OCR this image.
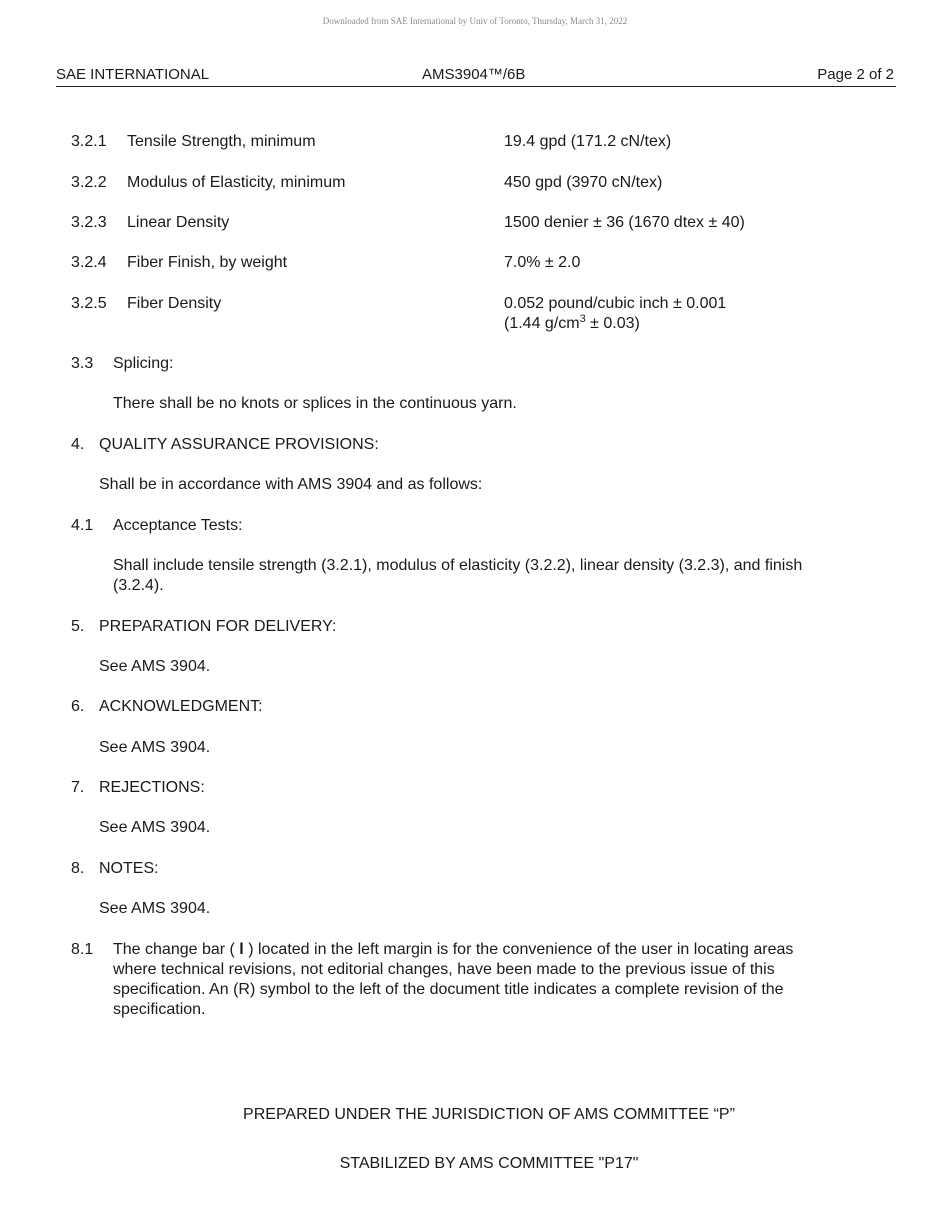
Downloaded from SAE International by Univ of Toronto, Thursday, March 31, 2022
SAE INTERNATIONAL	AMS3904™/6B	Page 2 of 2
3.2.1 Tensile Strength, minimum	19.4 gpd (171.2 cN/tex)
3.2.2 Modulus of Elasticity, minimum	450 gpd (3970 cN/tex)
3.2.3 Linear Density	1500 denier ± 36 (1670 dtex ± 40)
3.2.4 Fiber Finish, by weight	7.0% ± 2.0
3.2.5 Fiber Density	0.052 pound/cubic inch ± 0.001
(1.44 $g/cm^3 \pm 0.03$)
3.3 Splicing:
There shall be no knots or splices in the continuous yarn.
4. QUALITY ASSURANCE PROVISIONS:
Shall be in accordance with AMS 3904 and as follows:
4.1 Acceptance Tests:
Shall include tensile strength (3.2.1), modulus of elasticity (3.2.2), linear density (3.2.3), and finish
(3.2.4).
5. PREPARATION FOR DELIVERY:
See AMS 3904.
6. ACKNOWLEDGMENT:
See AMS 3904.
7. REJECTIONS:
See AMS 3904.
8. NOTES:
See AMS 3904.
8.1 The change bar ( l ) located in the left margin is for the convenience of the user in locating areas
where technical revisions, not editorial changes, have been made to the previous issue of this
specification. An (R) symbol to the left of the document title indicates a complete revision of the
specification.
PREPARED UNDER THE JURISDICTION OF AMS COMMITTEE “P”
STABILIZED BY AMS COMMITTEE "P17"
